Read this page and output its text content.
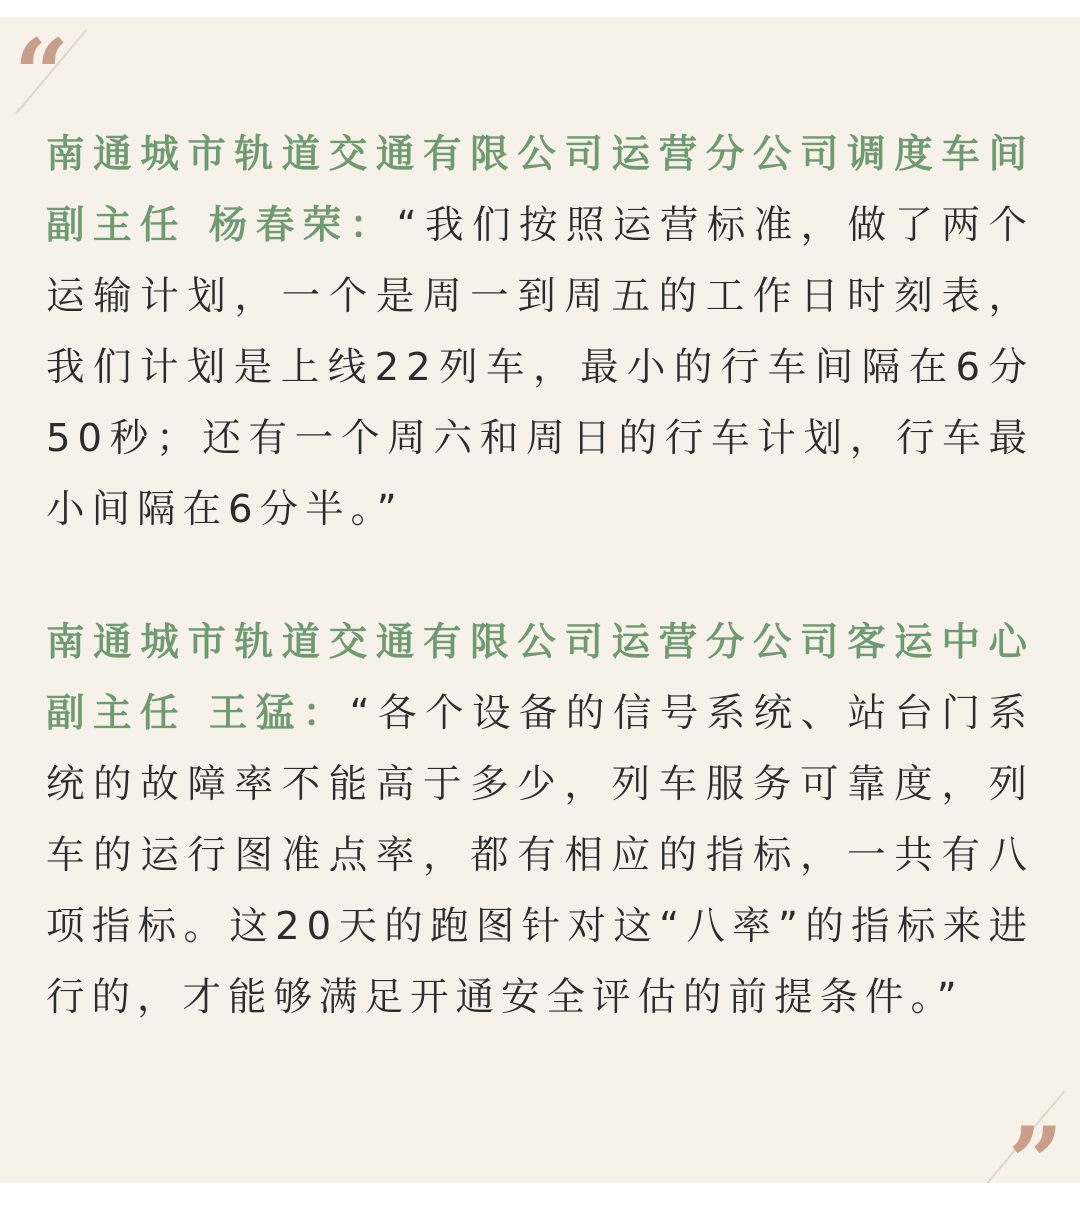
“

南通城市轨道交通有限公司运营分公司调度车间副主任 杨春荣：“我们按照运营标准，做了两个运输计划，一个是周一到周五的工作日时刻表，我们计划是上线22列车，最小的行车间隔在6分50秒；还有一个周六和周日的行车计划，行车最小间隔在6分半。”

南通城市轨道交通有限公司运营分公司客运中心副主任 王猛：“各个设备的信号系统、站台门系统的故障率不能高于多少，列车服务可靠度，列车的运行图准点率，都有相应的指标，一共有八项指标。这20天的跑图针对这“八率”的指标来进行的，才能够满足开通安全评估的前提条件。”

”
